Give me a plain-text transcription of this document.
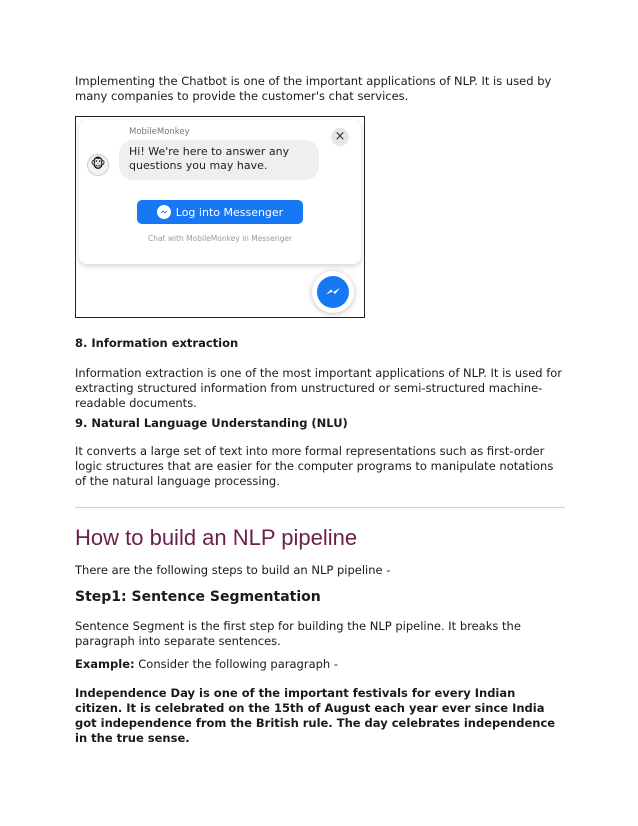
Implementing the Chatbot is one of the important applications of NLP. It is used by many companies to provide the customer's chat services.

MobileMonkey	×
🐵
Hi! We're here to answer any
questions you may have.
Log into Messenger
Chat with MobileMonkey in Messenger
8. Information extraction

Information extraction is one of the most important applications of NLP. It is used for extracting structured information from unstructured or semi-structured machine-readable documents.

9. Natural Language Understanding (NLU)

It converts a large set of text into more formal representations such as first-order logic structures that are easier for the computer programs to manipulate notations of the natural language processing.

How to build an NLP pipeline

There are the following steps to build an NLP pipeline -

Step1: Sentence Segmentation

Sentence Segment is the first step for building the NLP pipeline. It breaks the paragraph into separate sentences.

Example: Consider the following paragraph -

Independence Day is one of the important festivals for every Indian citizen. It is celebrated on the 15th of August each year ever since India got independence from the British rule. The day celebrates independence in the true sense.
